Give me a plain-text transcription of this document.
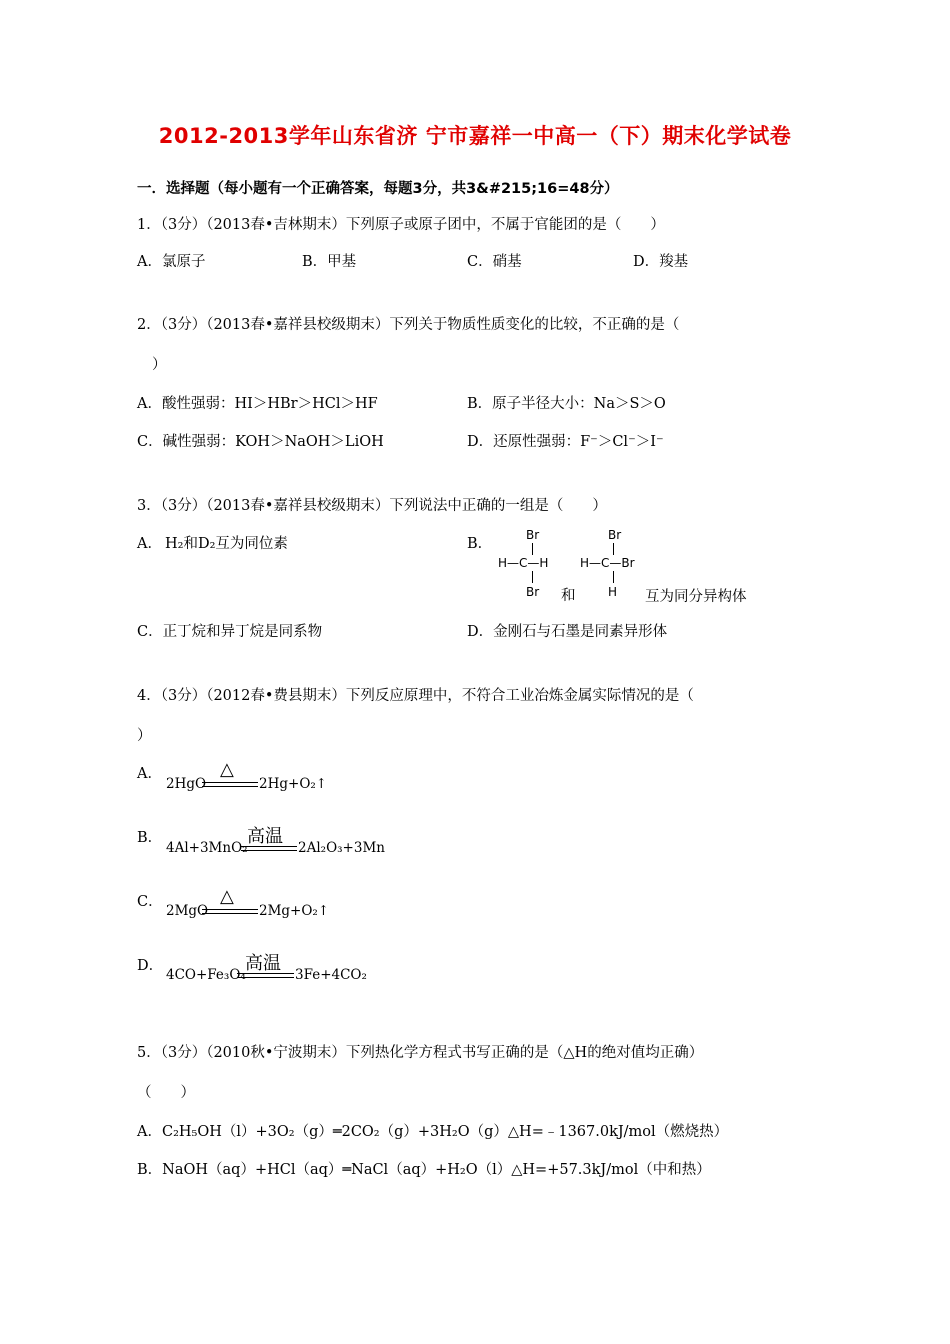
2012-2013学年山东省济 宁市嘉祥一中高一（下）期末化学试卷
一．选择题（每小题有一个正确答案，每题3分，共3&#215;16=48分）
1．（3分）（2013春•吉林期末）下列原子或原子团中，不属于官能团的是（　　）
A．氯原子	B．甲基	C．硝基	D．羧基
2．（3分）（2013春•嘉祥县校级期末）下列关于物质性质变化的比较，不正确的是（
）
A．酸性强弱：HI＞HBr＞HCl＞HF	B．原子半径大小：Na＞S＞O
C．碱性强弱：KOH＞NaOH＞LiOH	D．还原性强弱：F⁻＞Cl⁻＞I⁻
3．（3分）（2013春•嘉祥县校级期末）下列说法中正确的一组是（　　）
A． H₂和D₂互为同位素	B．
Br
H—C—H
Br 和
Br
H—C—Br
H 互为同分异构体
C．正丁烷和异丁烷是同系物	D．金刚石与石墨是同素异形体
4．（3分）（2012春•费县期末）下列反应原理中，不符合工业冶炼金属实际情况的是（
）
A．	△
2HgO	2Hg+O₂↑
B．	高温
4Al+3MnO₂	2Al₂O₃+3Mn
C．	△
2MgO	2Mg+O₂↑
D．	高温
4CO+Fe₃O₄	3Fe+4CO₂
5．（3分）（2010秋•宁波期末）下列热化学方程式书写正确的是（△H的绝对值均正确）
（　　）
A．C₂H₅OH（l）+3O₂（g）═2CO₂（g）+3H₂O（g）△H=﹣1367.0kJ/mol（燃烧热）
B．NaOH（aq）+HCl（aq）═NaCl（aq）+H₂O（l）△H=+57.3kJ/mol（中和热）
